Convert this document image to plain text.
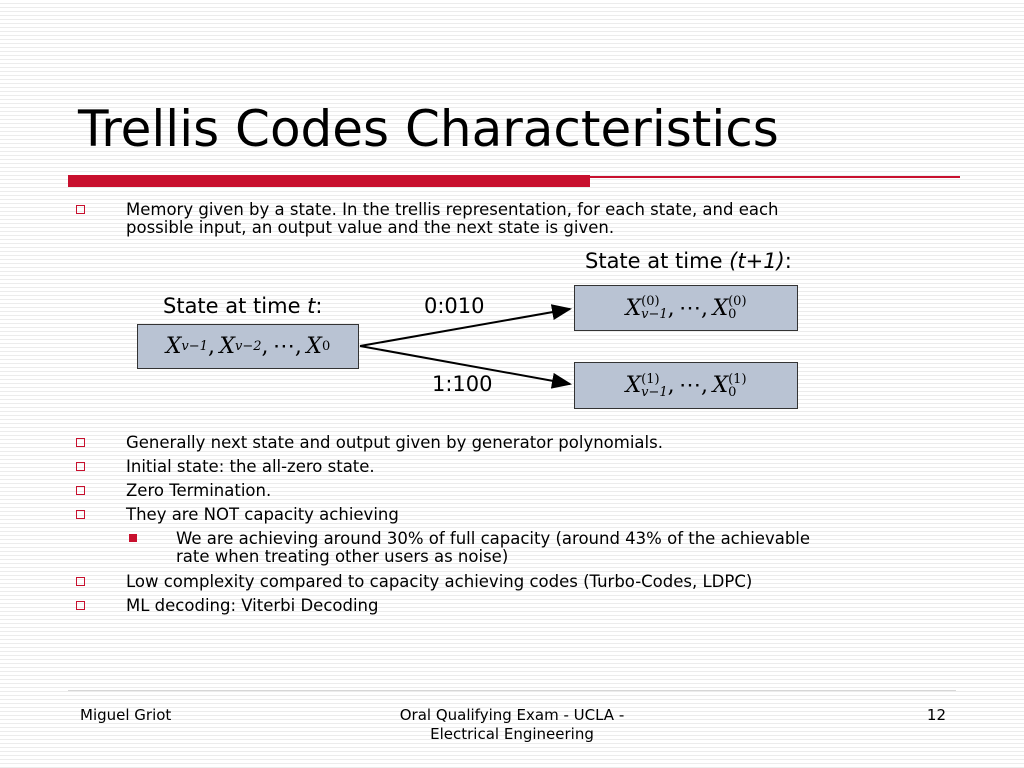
Trellis Codes Characteristics
Memory given by a state. In the trellis representation, for each state, and each
possible input, an output value and the next state is given.
State at time (t+1):
State at time t:	0:010
1:100
X v−1 ,  X v−2 ,  ⋯ ,  X 0
X (0)
v−1 ,  ⋯ ,  X (0)
0
X (1)
v−1 ,  ⋯ ,  X (1)
0
Generally next state and output given by generator polynomials.
Initial state: the all-zero state.
Zero Termination.
They are NOT capacity achieving
We are achieving around 30% of full capacity (around 43% of the achievable
rate when treating other users as noise)
Low complexity compared to capacity achieving codes (Turbo-Codes, LDPC)
ML decoding: Viterbi Decoding
Miguel Griot	Oral Qualifying Exam - UCLA -
Electrical Engineering
12
